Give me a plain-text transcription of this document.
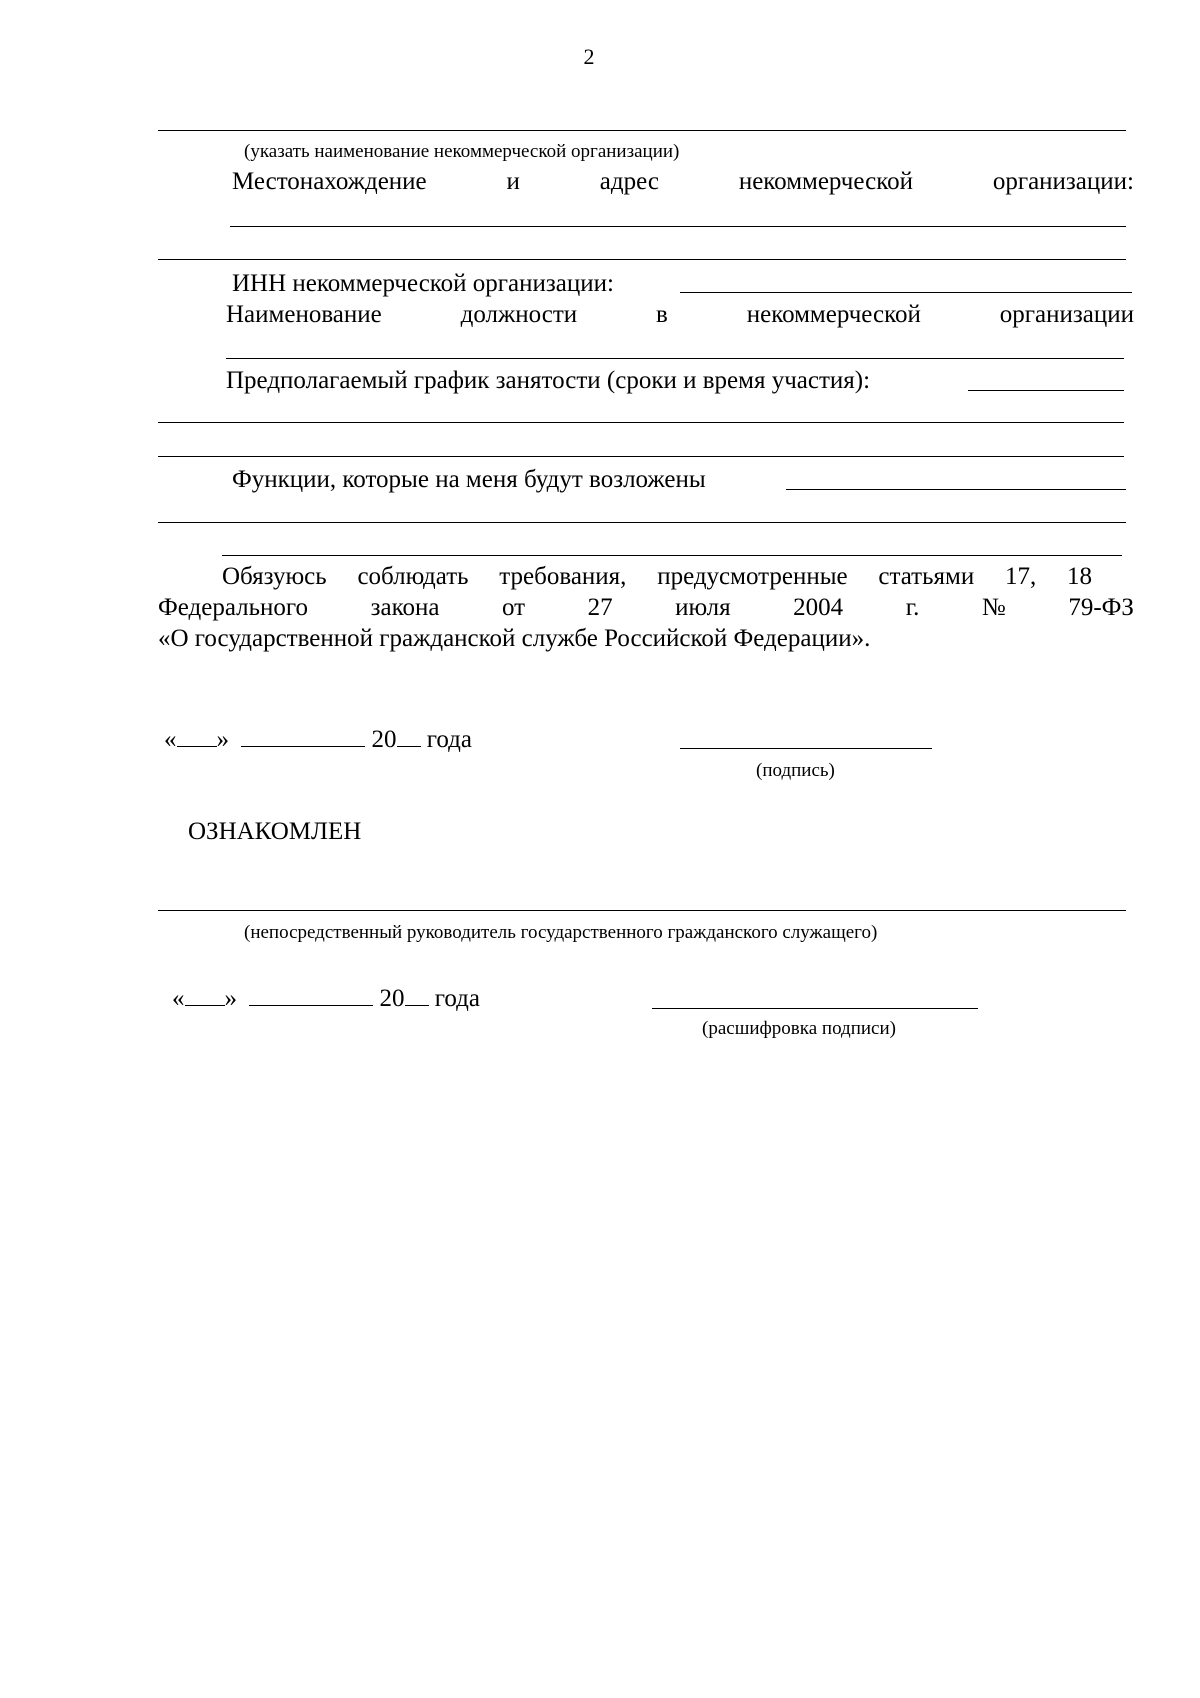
2
(указать наименование некоммерческой организации)
Местонахождение	и	адрес	некоммерческой	организации:
ИНН некоммерческой организации:
Наименование	должности	в	некоммерческой	организации
Предполагаемый график занятости (сроки и время участия):
Функции, которые на меня будут возложены
Обязуюсь соблюдать требования, предусмотренные статьями 17, 18
Федерального	закона	от	27	июля	2004	г.	№	79-ФЗ
«О государственной гражданской службе Российской Федерации».
« »	20 года
(подпись)
ОЗНАКОМЛЕН
(непосредственный руководитель государственного гражданского служащего)
« »	20 года
(расшифровка подписи)
